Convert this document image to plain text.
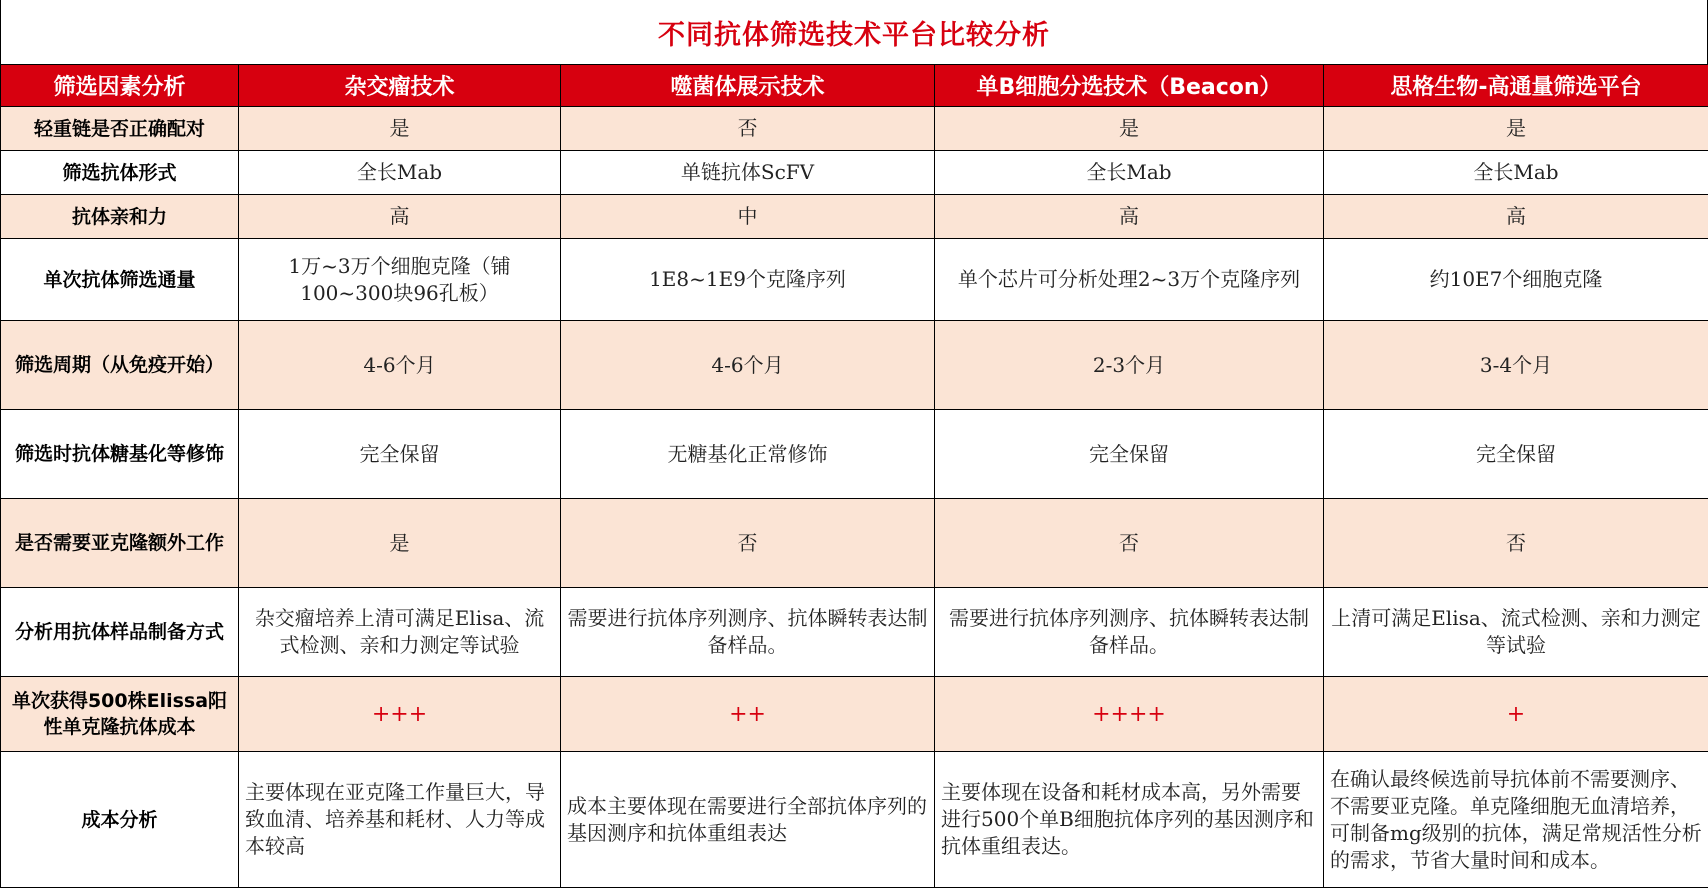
不同抗体筛选技术平台比较分析
筛选因素分析	杂交瘤技术	噬菌体展示技术	单B细胞分选技术（Beacon）	思格生物-高通量筛选平台
轻重链是否正确配对	是	否	是	是
筛选抗体形式	全长Mab	单链抗体ScFV	全长Mab	全长Mab
抗体亲和力	高	中	高	高
单次抗体筛选通量	1万~3万个细胞克隆（铺100~300块96孔板）	1E8~1E9个克隆序列	单个芯片可分析处理2~3万个克隆序列	约10E7个细胞克隆
筛选周期（从免疫开始）	4-6个月	4-6个月	2-3个月	3-4个月
筛选时抗体糖基化等修饰	完全保留	无糖基化正常修饰	完全保留	完全保留
是否需要亚克隆额外工作	是	否	否	否
分析用抗体样品制备方式	杂交瘤培养上清可满足Elisa、流式检测、亲和力测定等试验	需要进行抗体序列测序、抗体瞬转表达制备样品。	需要进行抗体序列测序、抗体瞬转表达制备样品。	上清可满足Elisa、流式检测、亲和力测定等试验
单次获得500株Elissa阳性单克隆抗体成本	+++	++	++++	+
成本分析	主要体现在亚克隆工作量巨大，导致血清、培养基和耗材、人力等成本较高	成本主要体现在需要进行全部抗体序列的基因测序和抗体重组表达	主要体现在设备和耗材成本高，另外需要进行500个单B细胞抗体序列的基因测序和抗体重组表达。	在确认最终候选前导抗体前不需要测序、不需要亚克隆。单克隆细胞无血清培养，可制备mg级别的抗体，满足常规活性分析的需求，节省大量时间和成本。
